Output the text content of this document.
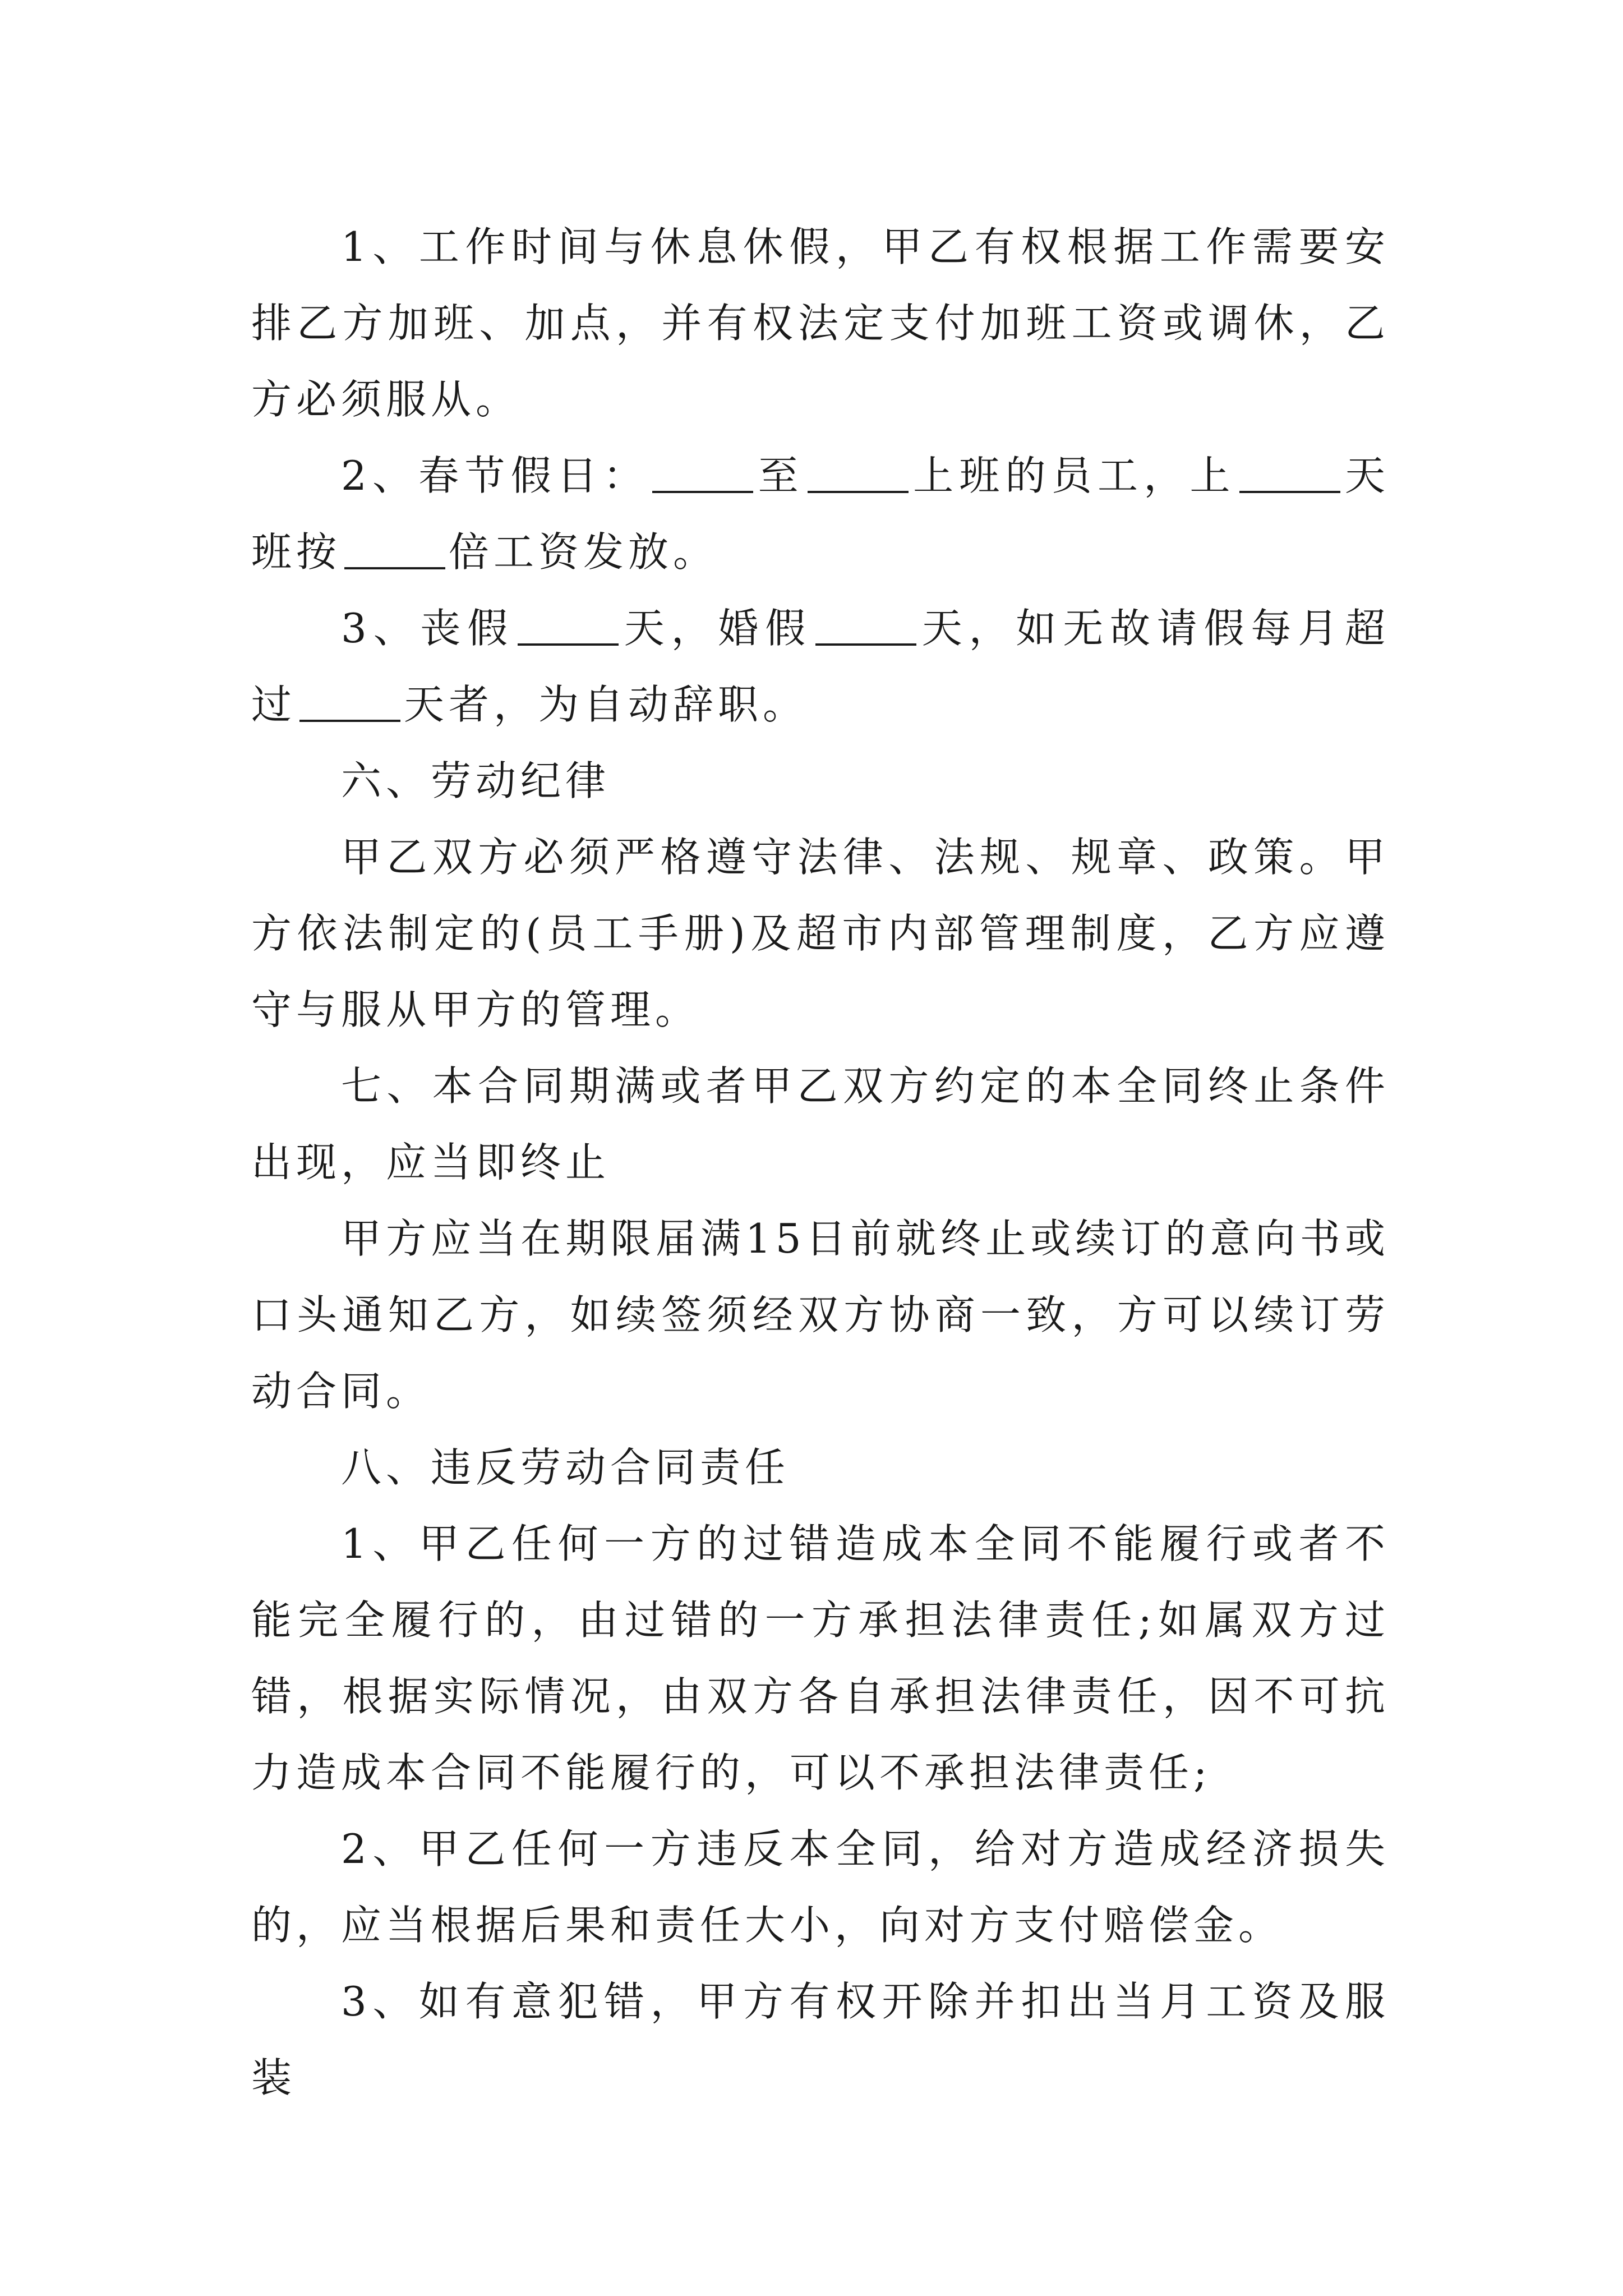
1、工作时间与休息休假，甲乙有权根据工作需要安排乙方加班、加点，并有权法定支付加班工资或调休，乙方必须服从。

2、春节假日：	至	上班的员工，上	天班按	倍工资发放。

3、丧假	天，婚假	天，如无故请假每月超过	天者，为自动辞职。

六、劳动纪律

甲乙双方必须严格遵守法律、法规、规章、政策。甲方依法制定的(员工手册)及超市内部管理制度，乙方应遵守与服从甲方的管理。

七、本合同期满或者甲乙双方约定的本全同终止条件出现，应当即终止

甲方应当在期限届满15日前就终止或续订的意向书或口头通知乙方，如续签须经双方协商一致，方可以续订劳动合同。

八、违反劳动合同责任

1、甲乙任何一方的过错造成本全同不能履行或者不能完全履行的，由过错的一方承担法律责任;如属双方过错，根据实际情况，由双方各自承担法律责任，因不可抗力造成本合同不能履行的，可以不承担法律责任;

2、甲乙任何一方违反本全同，给对方造成经济损失的，应当根据后果和责任大小，向对方支付赔偿金。

3、如有意犯错，甲方有权开除并扣出当月工资及服装
